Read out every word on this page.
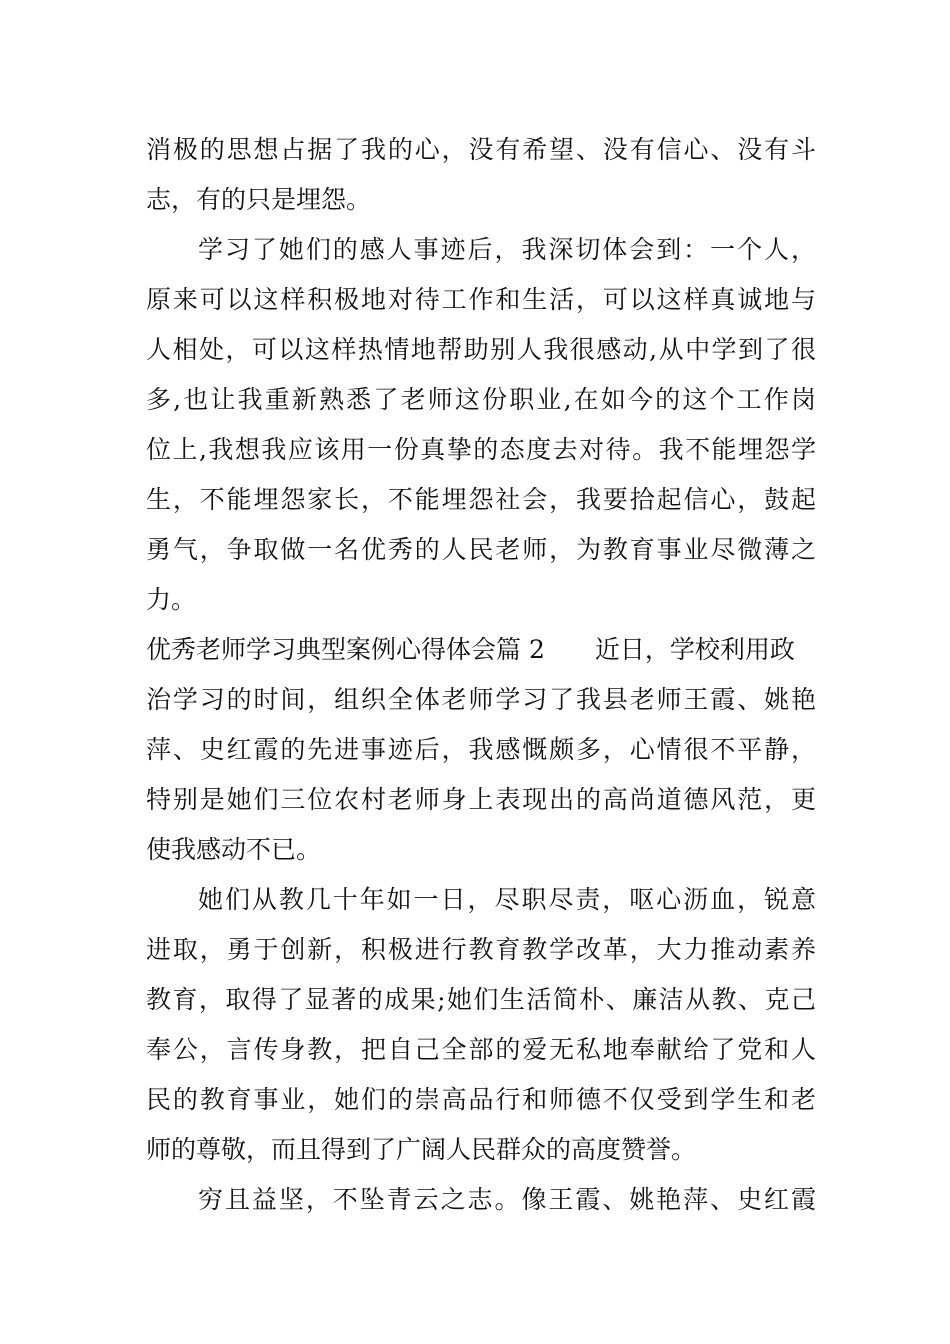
消极的思想占据了我的心，没有希望、没有信心、没有斗
志，有的只是埋怨。
学习了她们的感人事迹后，我深切体会到：一个人，
原来可以这样积极地对待工作和生活，可以这样真诚地与
人相处，可以这样热情地帮助别人我很感动,从中学到了很
多,也让我重新熟悉了老师这份职业,在如今的这个工作岗
位上,我想我应该用一份真挚的态度去对待。我不能埋怨学
生，不能埋怨家长，不能埋怨社会，我要拾起信心，鼓起
勇气，争取做一名优秀的人民老师，为教育事业尽微薄之
力。
优秀老师学习典型案例心得体会篇 2 近日，学校利用政
治学习的时间，组织全体老师学习了我县老师王霞、姚艳
萍、史红霞的先进事迹后，我感慨颇多，心情很不平静，
特别是她们三位农村老师身上表现出的高尚道德风范，更
使我感动不已。
她们从教几十年如一日，尽职尽责，呕心沥血，锐意
进取，勇于创新，积极进行教育教学改革，大力推动素养
教育，取得了显著的成果;她们生活简朴、廉洁从教、克己
奉公，言传身教，把自己全部的爱无私地奉献给了党和人
民的教育事业，她们的崇高品行和师德不仅受到学生和老
师的尊敬，而且得到了广阔人民群众的高度赞誉。
穷且益坚，不坠青云之志。像王霞、姚艳萍、史红霞
